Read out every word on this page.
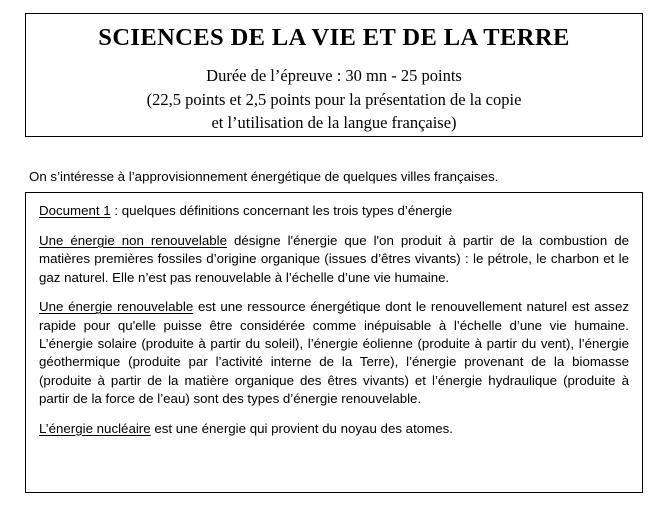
SCIENCES DE LA VIE ET DE LA TERRE
Durée de l’épreuve : 30 mn - 25 points
(22,5 points et 2,5 points pour la présentation de la copie
et l’utilisation de la langue française)

On s’intéresse à l’approvisionnement énergétique de quelques villes françaises.

Document 1 : quelques définitions concernant les trois types d’énergie

Une énergie non renouvelable désigne l'énergie que l'on produit à partir de la combustion de matières premières fossiles d’origine organique (issues d’êtres vivants) : le pétrole, le charbon et le gaz naturel. Elle n’est pas renouvelable à l’échelle d’une vie humaine.

Une énergie renouvelable est une ressource énergétique dont le renouvellement naturel est assez rapide pour qu'elle puisse être considérée comme inépuisable à l’échelle d’une vie humaine. L’énergie solaire (produite à partir du soleil), l’énergie éolienne (produite à partir du vent), l’énergie géothermique (produite par l’activité interne de la Terre), l’énergie provenant de la biomasse (produite à partir de la matière organique des êtres vivants) et l’énergie hydraulique (produite à partir de la force de l’eau) sont des types d’énergie renouvelable.

L’énergie nucléaire est une énergie qui provient du noyau des atomes.
